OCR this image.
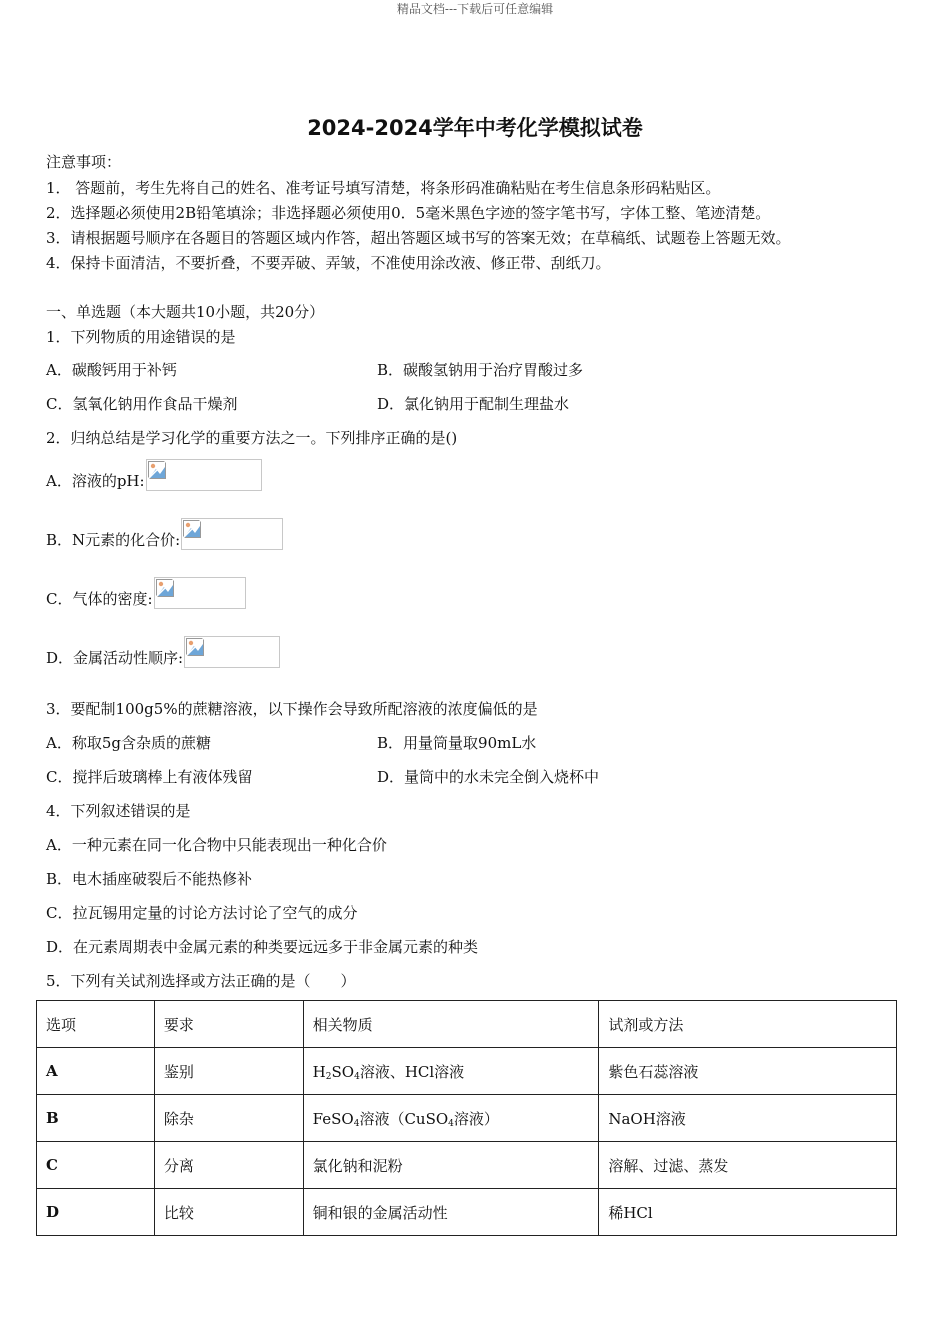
精品文档---下载后可任意编辑
2024-2024学年中考化学模拟试卷
注意事项：
1． 答题前，考生先将自己的姓名、准考证号填写清楚，将条形码准确粘贴在考生信息条形码粘贴区。
2．选择题必须使用2B铅笔填涂；非选择题必须使用0．5毫米黑色字迹的签字笔书写，字体工整、笔迹清楚。
3．请根据题号顺序在各题目的答题区域内作答，超出答题区域书写的答案无效；在草稿纸、试题卷上答题无效。
4．保持卡面清洁，不要折叠，不要弄破、弄皱，不准使用涂改液、修正带、刮纸刀。
一、单选题（本大题共10小题，共20分）
1．下列物质的用途错误的是
A．碳酸钙用于补钙	B．碳酸氢钠用于治疗胃酸过多
C．氢氧化钠用作食品干燥剂	D．氯化钠用于配制生理盐水
2．归纳总结是学习化学的重要方法之一。下列排序正确的是()
A．溶液的pH:
B．N元素的化合价:
C．气体的密度:
D．金属活动性顺序:
3．要配制100g5%的蔗糖溶液，以下操作会导致所配溶液的浓度偏低的是
A．称取5g含杂质的蔗糖	B．用量筒量取90mL水
C．搅拌后玻璃棒上有液体残留	D．量筒中的水未完全倒入烧杯中
4．下列叙述错误的是
A．一种元素在同一化合物中只能表现出一种化合价
B．电木插座破裂后不能热修补
C．拉瓦锡用定量的讨论方法讨论了空气的成分
D．在元素周期表中金属元素的种类要远远多于非金属元素的种类
5．下列有关试剂选择或方法正确的是（　　）
选项	要求	相关物质	试剂或方法
A	鉴别	$H_2SO_4$溶液、HCl溶液	紫色石蕊溶液
B	除杂	FeSO$_4$溶液（CuSO$_4$溶液）	NaOH溶液
C	分离	氯化钠和泥粉	溶解、过滤、蒸发
D	比较	铜和银的金属活动性	稀HCl
